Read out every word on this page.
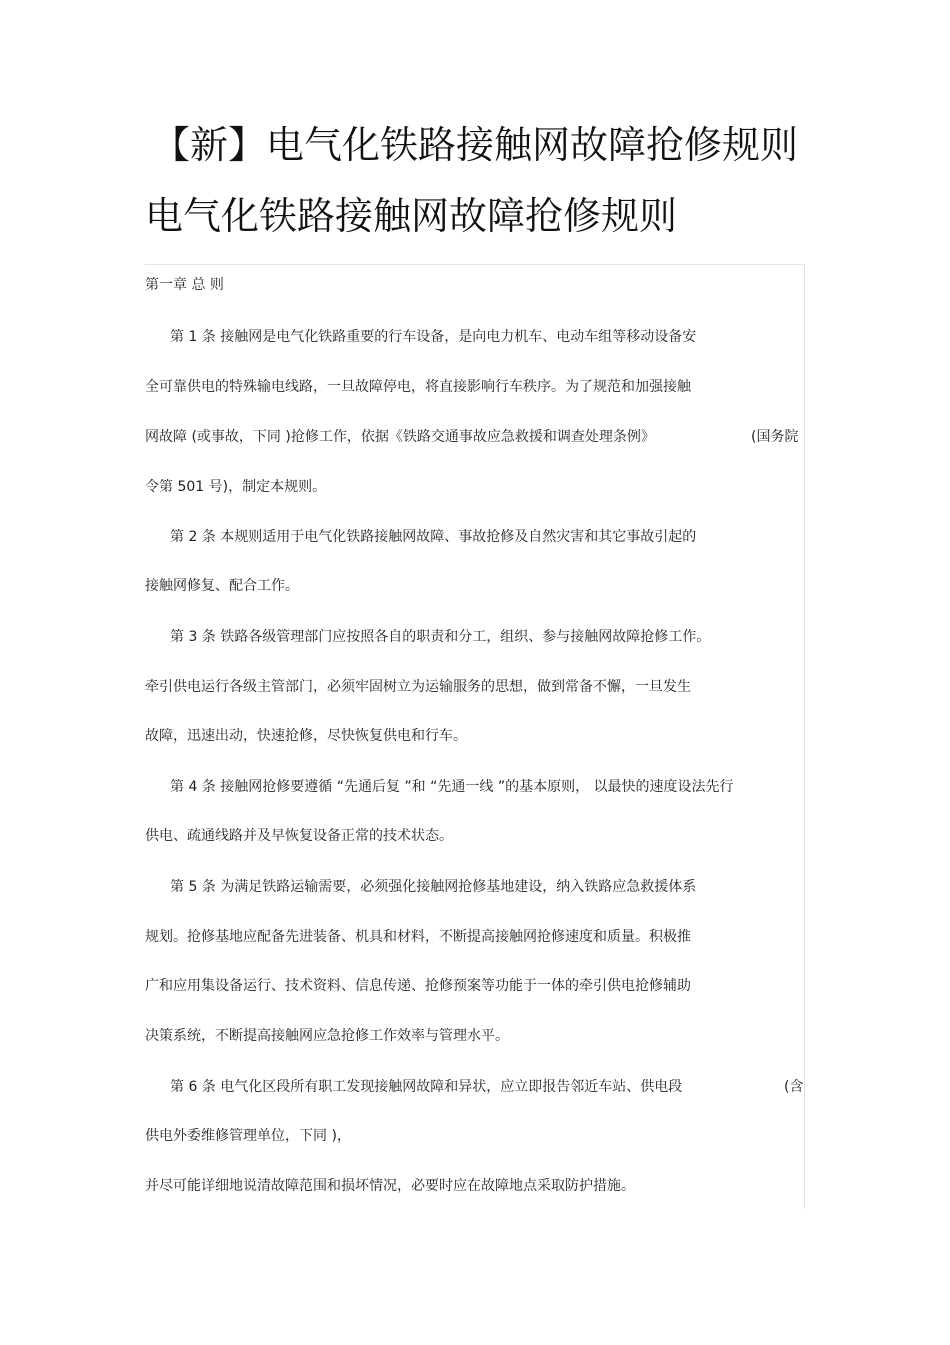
【新】电气化铁路接触网故障抢修规则
电气化铁路接触网故障抢修规则

第一章 总 则

第 1 条 接触网是电气化铁路重要的行车设备，是向电力机车、电动车组等移动设备安

全可靠供电的特殊输电线路，一旦故障停电，将直接影响行车秩序。为了规范和加强接触

网故障 (或事故，下同 )抢修工作，依据《铁路交通事故应急救援和调查处理条例》	(国务院

令第 501 号)，制定本规则。

第 2 条 本规则适用于电气化铁路接触网故障、事故抢修及自然灾害和其它事故引起的

接触网修复、配合工作。

第 3 条 铁路各级管理部门应按照各自的职责和分工，组织、参与接触网故障抢修工作。

牵引供电运行各级主管部门，必须牢固树立为运输服务的思想，做到常备不懈，一旦发生

故障，迅速出动，快速抢修，尽快恢复供电和行车。

第 4 条 接触网抢修要遵循 “先通后复 ”和 “先通一线 ”的基本原则， 以最快的速度设法先行

供电、疏通线路并及早恢复设备正常的技术状态。

第 5 条 为满足铁路运输需要，必须强化接触网抢修基地建设，纳入铁路应急救援体系

规划。抢修基地应配备先进装备、机具和材料，不断提高接触网抢修速度和质量。积极推

广和应用集设备运行、技术资料、信息传递、抢修预案等功能于一体的牵引供电抢修辅助

决策系统，不断提高接触网应急抢修工作效率与管理水平。

第 6 条 电气化区段所有职工发现接触网故障和异状，应立即报告邻近车站、供电段	(含

供电外委维修管理单位，下同 )，

并尽可能详细地说清故障范围和损坏情况，必要时应在故障地点采取防护措施。
